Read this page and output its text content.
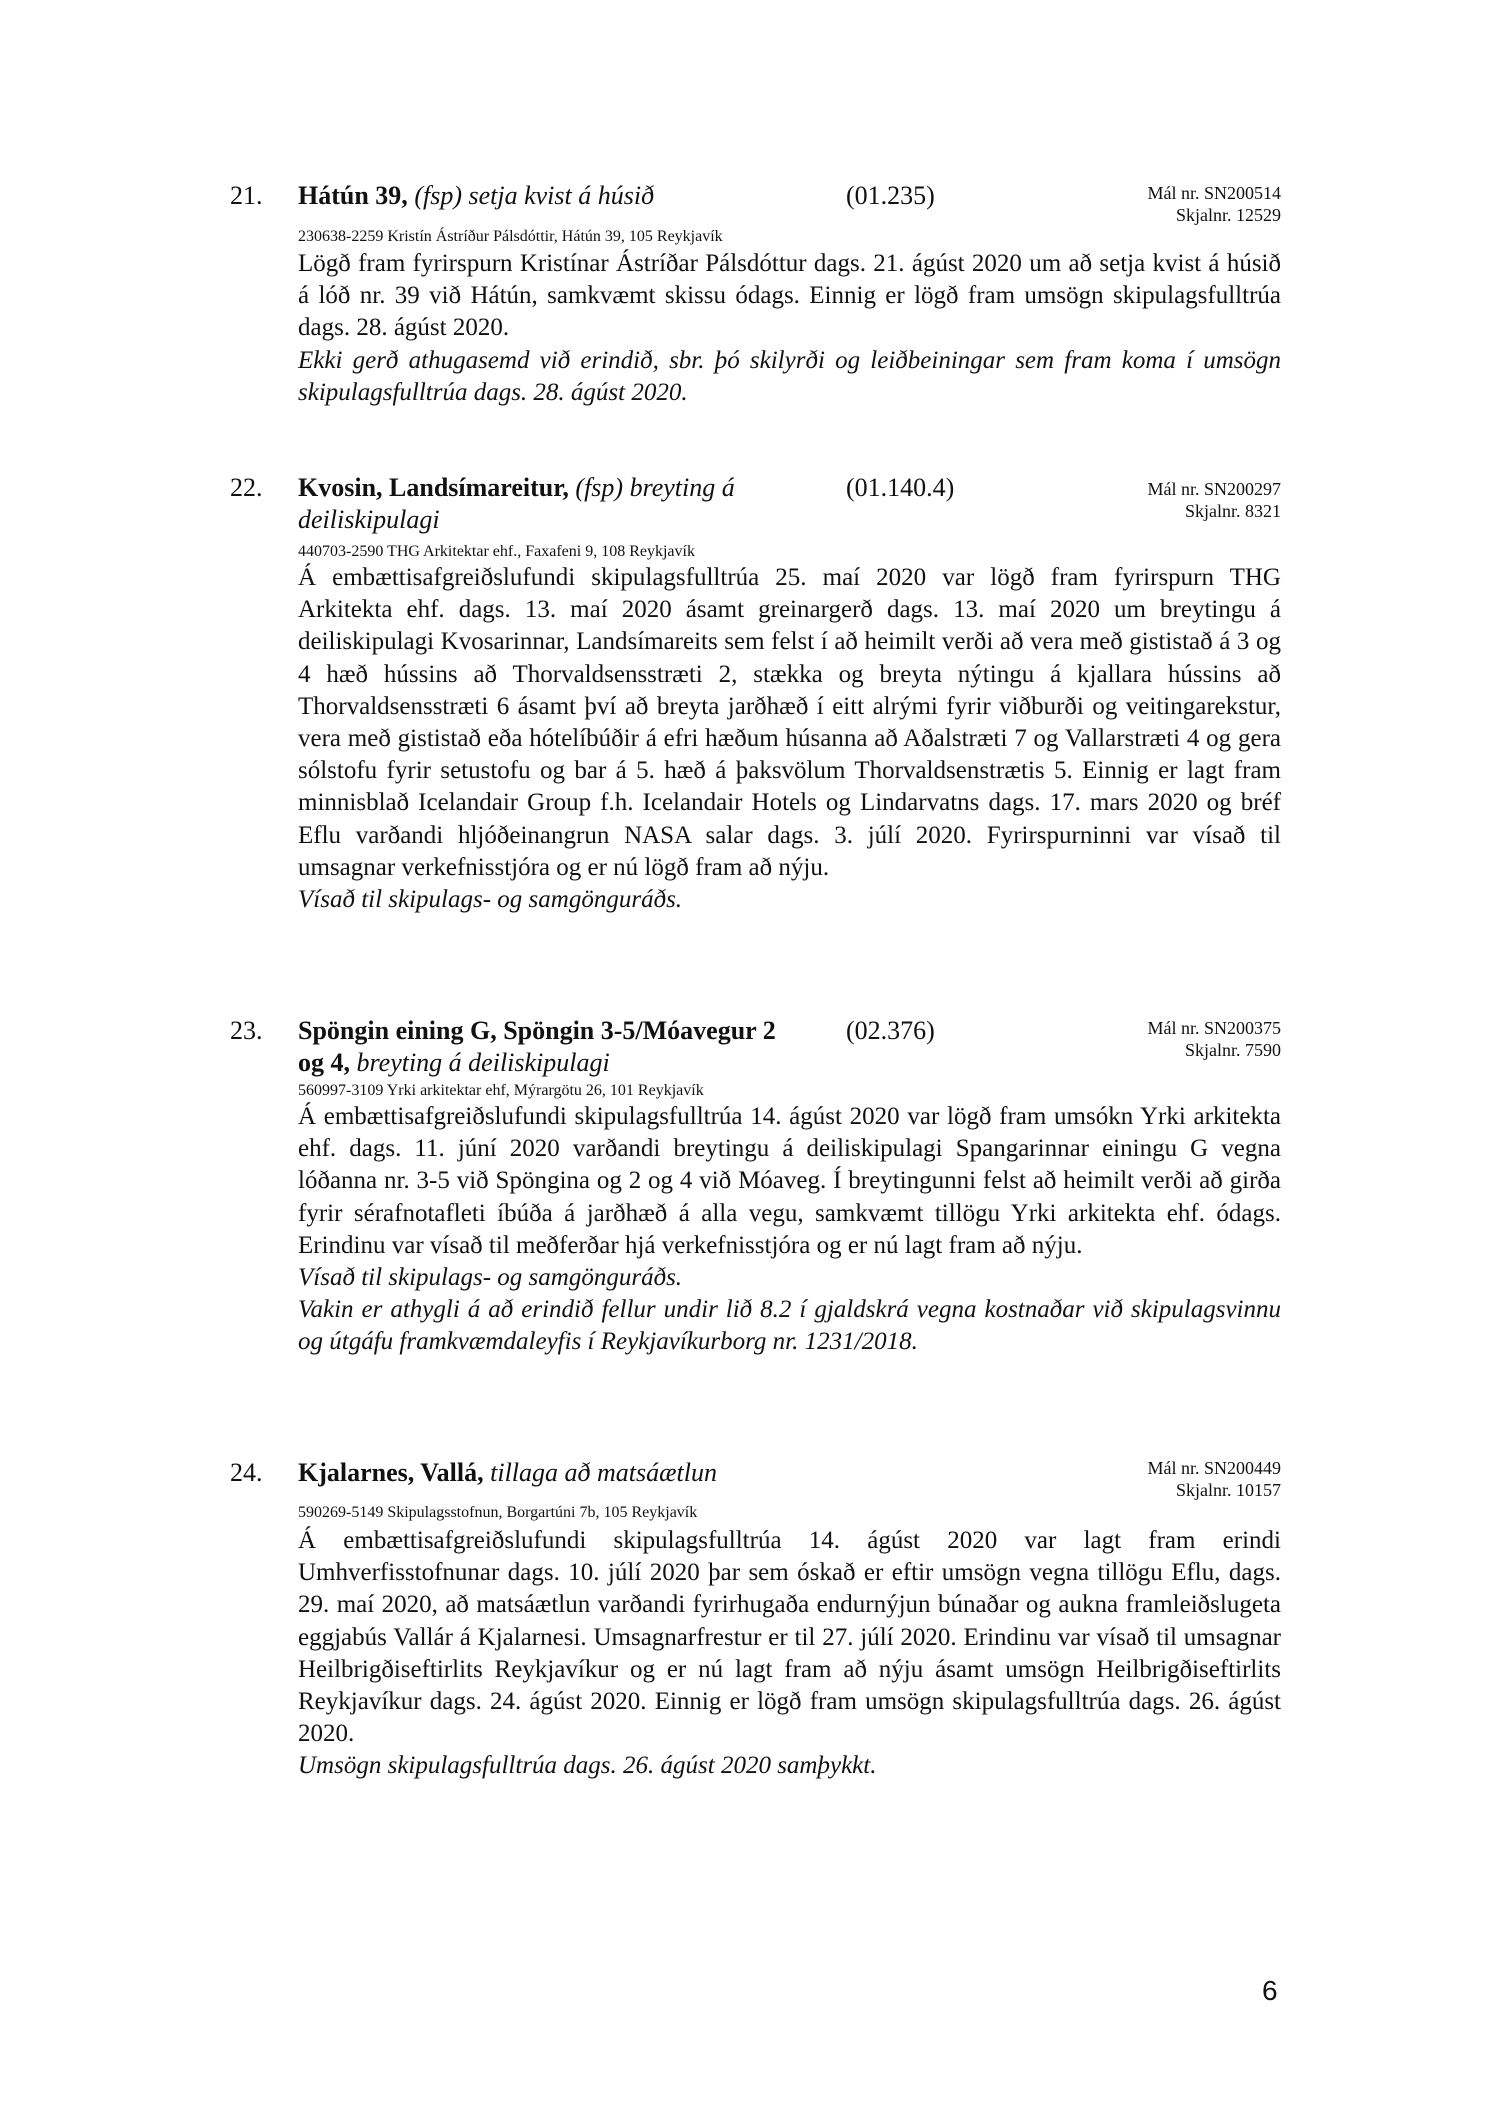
21. Hátún 39, (fsp) setja kvist á húsið	(01.235)	Mál nr. SN200514
Skjalnr. 12529
230638-2259 Kristín Ástríður Pálsdóttir, Hátún 39, 105 Reykjavík

Lögð fram fyrirspurn Kristínar Ástríðar Pálsdóttur dags. 21. ágúst 2020 um að setja kvist á húsið á lóð nr. 39 við Hátún, samkvæmt skissu ódags. Einnig er lögð fram umsögn skipulagsfulltrúa dags. 28. ágúst 2020.

Ekki gerð athugasemd við erindið, sbr. þó skilyrði og leiðbeiningar sem fram koma í umsögn skipulagsfulltrúa dags. 28. ágúst 2020.

22. Kvosin, Landsímareitur, (fsp) breyting á deiliskipulagi
(01.140.4)	Mál nr. SN200297
Skjalnr. 8321
440703-2590 THG Arkitektar ehf., Faxafeni 9, 108 Reykjavík

Á embættisafgreiðslufundi skipulagsfulltrúa 25. maí 2020 var lögð fram fyrirspurn THG Arkitekta ehf. dags. 13. maí 2020 ásamt greinargerð dags. 13. maí 2020 um breytingu á deiliskipulagi Kvosarinnar, Landsímareits sem felst í að heimilt verði að vera með gististað á 3 og 4 hæð hússins að Thorvaldsensstræti 2, stækka og breyta nýtingu á kjallara hússins að Thorvaldsensstræti 6 ásamt því að breyta jarðhæð í eitt alrými fyrir viðburði og veitingarekstur, vera með gististað eða hótelíbúðir á efri hæðum húsanna að Aðalstræti 7 og Vallarstræti 4 og gera sólstofu fyrir setustofu og bar á 5. hæð á þaksvölum Thorvaldsenstrætis 5. Einnig er lagt fram minnisblað Icelandair Group f.h. Icelandair Hotels og Lindarvatns dags. 17. mars 2020 og bréf Eflu varðandi hljóðeinangrun NASA salar dags. 3. júlí 2020. Fyrirspurninni var vísað til umsagnar verkefnisstjóra og er nú lögð fram að nýju.

Vísað til skipulags- og samgönguráðs.

23. Spöngin eining G, Spöngin 3-5/Móavegur 2 og 4, breyting á deiliskipulagi
(02.376)	Mál nr. SN200375
Skjalnr. 7590
560997-3109 Yrki arkitektar ehf, Mýrargötu 26, 101 Reykjavík

Á embættisafgreiðslufundi skipulagsfulltrúa 14. ágúst 2020 var lögð fram umsókn Yrki arkitekta ehf. dags. 11. júní 2020 varðandi breytingu á deiliskipulagi Spangarinnar einingu G vegna lóðanna nr. 3-5 við Spöngina og 2 og 4 við Móaveg. Í breytingunni felst að heimilt verði að girða fyrir sérafnotafleti íbúða á jarðhæð á alla vegu, samkvæmt tillögu Yrki arkitekta ehf. ódags. Erindinu var vísað til meðferðar hjá verkefnisstjóra og er nú lagt fram að nýju.

Vísað til skipulags- og samgönguráðs.

Vakin er athygli á að erindið fellur undir lið 8.2 í gjaldskrá vegna kostnaðar við skipulagsvinnu og útgáfu framkvæmdaleyfis í Reykjavíkurborg nr. 1231/2018.

24. Kjalarnes, Vallá, tillaga að matsáætlun	Mál nr. SN200449
Skjalnr. 10157
590269-5149 Skipulagsstofnun, Borgartúni 7b, 105 Reykjavík

Á embættisafgreiðslufundi skipulagsfulltrúa 14. ágúst 2020 var lagt fram erindi Umhverfisstofnunar dags. 10. júlí 2020 þar sem óskað er eftir umsögn vegna tillögu Eflu, dags. 29. maí 2020, að matsáætlun varðandi fyrirhugaða endurnýjun búnaðar og aukna framleiðslugeta eggjabús Vallár á Kjalarnesi. Umsagnarfrestur er til 27. júlí 2020. Erindinu var vísað til umsagnar Heilbrigðiseftirlits Reykjavíkur og er nú lagt fram að nýju ásamt umsögn Heilbrigðiseftirlits Reykjavíkur dags. 24. ágúst 2020. Einnig er lögð fram umsögn skipulagsfulltrúa dags. 26. ágúst 2020.

Umsögn skipulagsfulltrúa dags. 26. ágúst 2020 samþykkt.

6
